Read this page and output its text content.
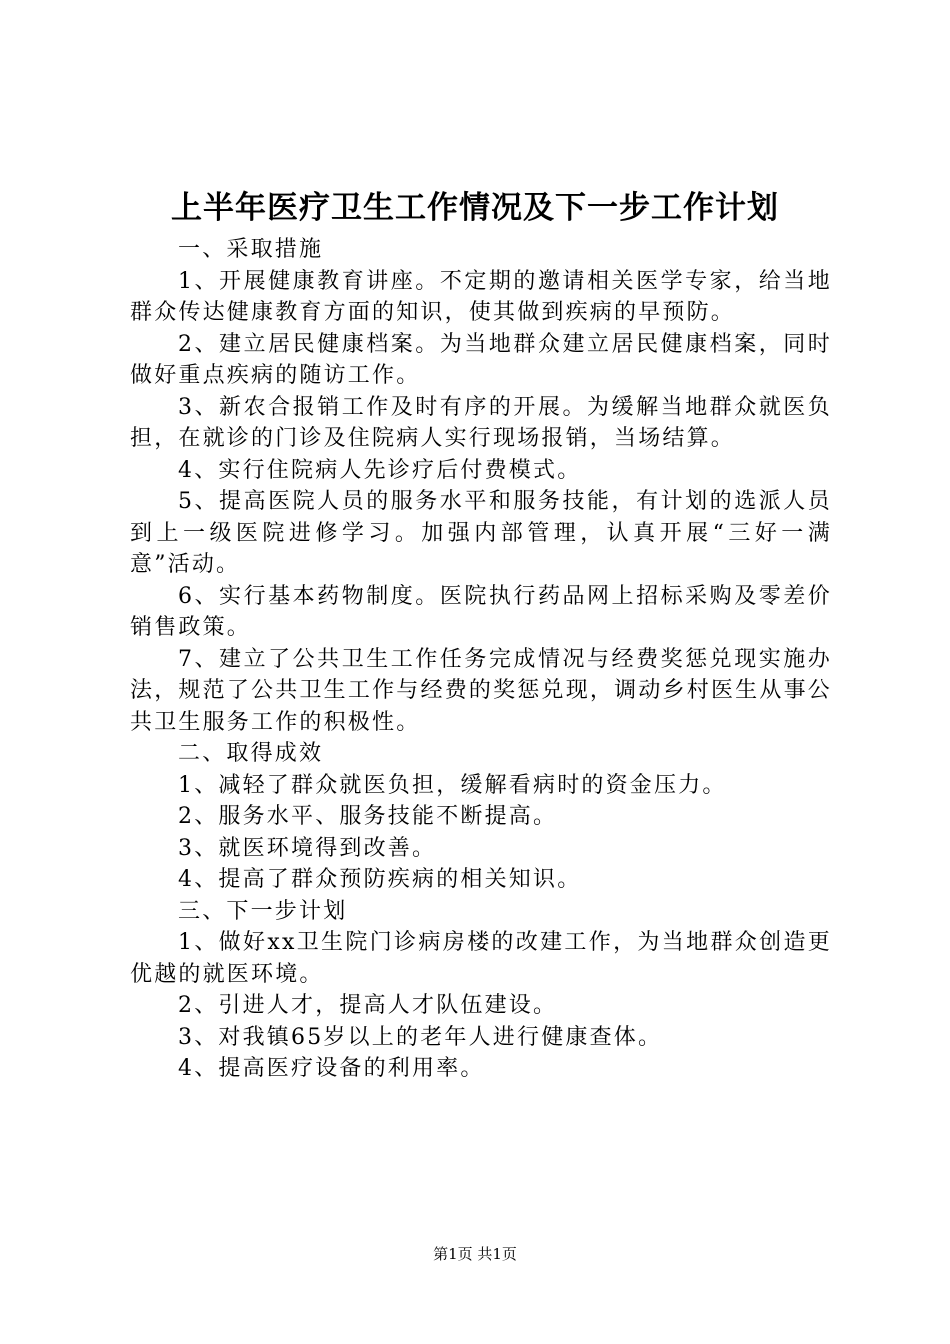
上半年医疗卫生工作情况及下一步工作计划

一、采取措施

1、开展健康教育讲座。不定期的邀请相关医学专家，给当地群众传达健康教育方面的知识，使其做到疾病的早预防。

2、建立居民健康档案。为当地群众建立居民健康档案，同时做好重点疾病的随访工作。

3、新农合报销工作及时有序的开展。为缓解当地群众就医负担，在就诊的门诊及住院病人实行现场报销，当场结算。

4、实行住院病人先诊疗后付费模式。

5、提高医院人员的服务水平和服务技能，有计划的选派人员到上一级医院进修学习。加强内部管理，认真开展“三好一满意”活动。

6、实行基本药物制度。医院执行药品网上招标采购及零差价销售政策。

7、建立了公共卫生工作任务完成情况与经费奖惩兑现实施办法，规范了公共卫生工作与经费的奖惩兑现，调动乡村医生从事公共卫生服务工作的积极性。

二、取得成效

1、减轻了群众就医负担，缓解看病时的资金压力。

2、服务水平、服务技能不断提高。

3、就医环境得到改善。

4、提高了群众预防疾病的相关知识。

三、下一步计划

1、做好xx卫生院门诊病房楼的改建工作，为当地群众创造更优越的就医环境。

2、引进人才，提高人才队伍建设。

3、对我镇65岁以上的老年人进行健康查体。

4、提高医疗设备的利用率。

第1页 共1页
